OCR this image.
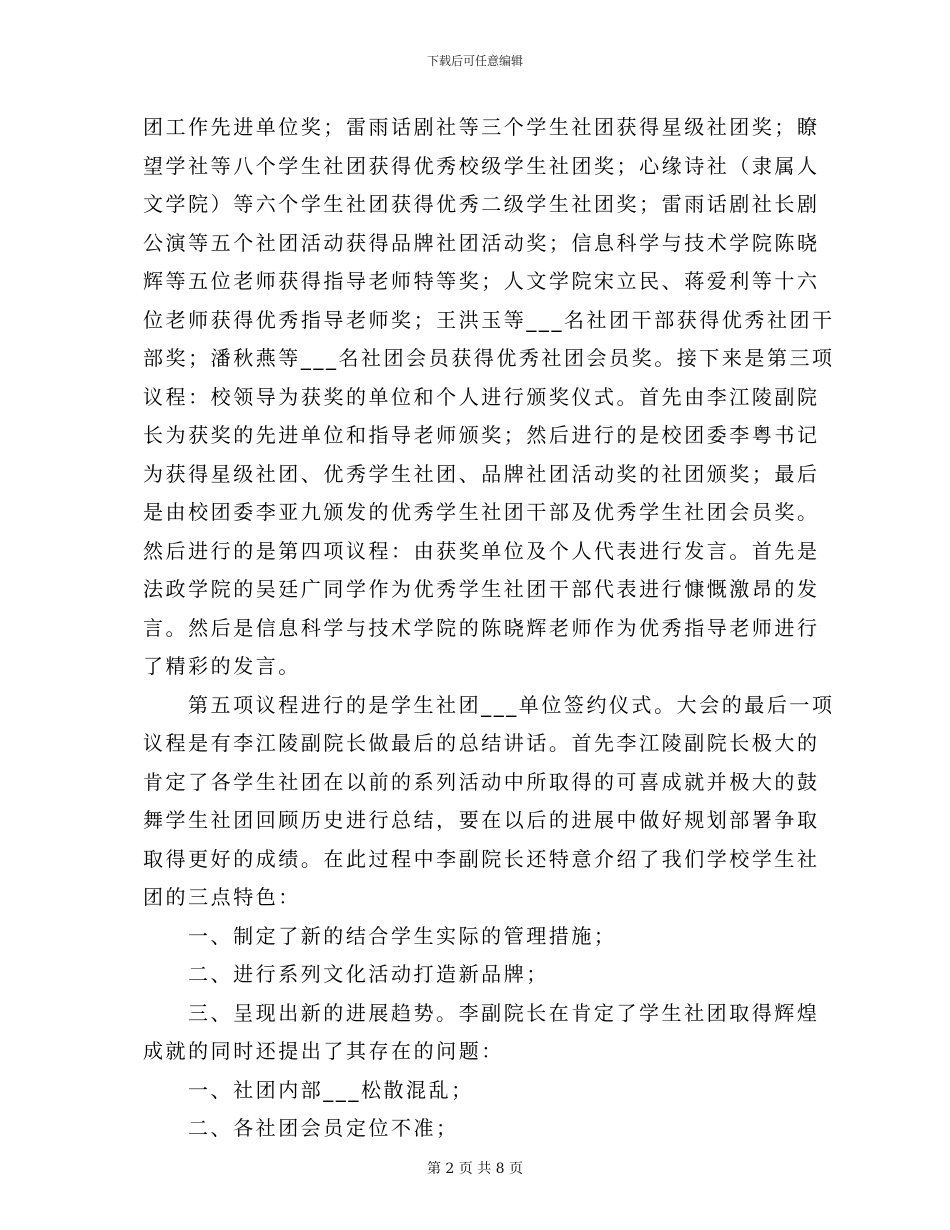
下载后可任意编辑
团工作先进单位奖；雷雨话剧社等三个学生社团获得星级社团奖；瞭
望学社等八个学生社团获得优秀校级学生社团奖；心缘诗社（隶属人
文学院）等六个学生社团获得优秀二级学生社团奖；雷雨话剧社长剧
公演等五个社团活动获得品牌社团活动奖；信息科学与技术学院陈晓
辉等五位老师获得指导老师特等奖；人文学院宋立民、蒋爱利等十六
位老师获得优秀指导老师奖；王洪玉等___名社团干部获得优秀社团干
部奖；潘秋燕等___名社团会员获得优秀社团会员奖。接下来是第三项
议程：校领导为获奖的单位和个人进行颁奖仪式。首先由李江陵副院
长为获奖的先进单位和指导老师颁奖；然后进行的是校团委李粤书记
为获得星级社团、优秀学生社团、品牌社团活动奖的社团颁奖；最后
是由校团委李亚九颁发的优秀学生社团干部及优秀学生社团会员奖。
然后进行的是第四项议程：由获奖单位及个人代表进行发言。首先是
法政学院的吴廷广同学作为优秀学生社团干部代表进行慷慨激昂的发
言。然后是信息科学与技术学院的陈晓辉老师作为优秀指导老师进行
了精彩的发言。
第五项议程进行的是学生社团___单位签约仪式。大会的最后一项
议程是有李江陵副院长做最后的总结讲话。首先李江陵副院长极大的
肯定了各学生社团在以前的系列活动中所取得的可喜成就并极大的鼓
舞学生社团回顾历史进行总结，要在以后的进展中做好规划部署争取
取得更好的成绩。在此过程中李副院长还特意介绍了我们学校学生社
团的三点特色：
一、制定了新的结合学生实际的管理措施；
二、进行系列文化活动打造新品牌；
三、呈现出新的进展趋势。李副院长在肯定了学生社团取得辉煌
成就的同时还提出了其存在的问题：
一、社团内部___松散混乱；
二、各社团会员定位不准；
第 2 页 共 8 页
